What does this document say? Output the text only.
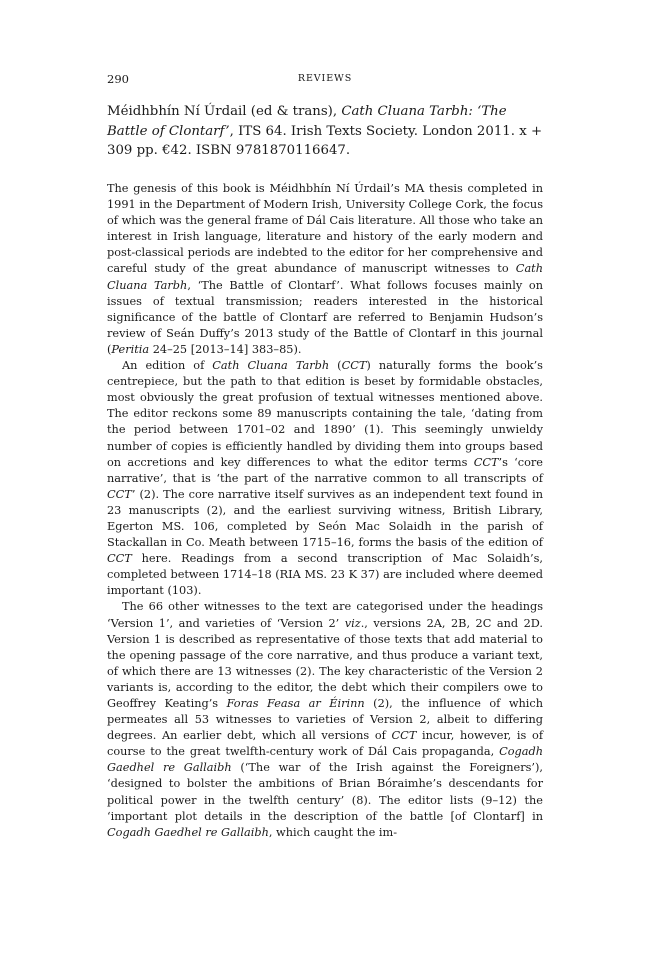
290	REVIEWS
Méidhbhín Ní Úrdail (ed & trans), Cath Cluana Tarbh: ‘The Battle of Clontarf’, ITS 64. Irish Texts Society. London 2011. x + 309 pp. €42. ISBN 9781870116647.

The genesis of this book is Méidhbhín Ní Úrdail’s MA thesis completed in 1991 in the Department of Modern Irish, University College Cork, the focus of which was the general frame of Dál Cais literature. All those who take an interest in Irish language, literature and history of the early modern and post-classical periods are indebted to the editor for her comprehensive and careful study of the great abundance of manuscript witnesses to Cath Cluana Tarbh, ‘The Battle of Clontarf’. What follows focuses mainly on issues of textual transmission; readers interested in the historical significance of the battle of Clontarf are referred to Benjamin Hudson’s review of Seán Duffy’s 2013 study of the Battle of Clontarf in this journal (Peritia 24–25 [2013–14] 383–85).

An edition of Cath Cluana Tarbh (CCT) naturally forms the book’s centrepiece, but the path to that edition is beset by formidable obstacles, most obviously the great profusion of textual witnesses mentioned above. The editor reckons some 89 manuscripts containing the tale, ‘dating from the period between 1701–02 and 1890’ (1). This seemingly unwieldy number of copies is efficiently handled by dividing them into groups based on accretions and key differences to what the editor terms CCT’s ‘core narrative’, that is ‘the part of the narrative common to all transcripts of CCT’ (2). The core narrative itself survives as an independent text found in 23 manuscripts (2), and the earliest surviving witness, British Library, Egerton MS. 106, completed by Seón Mac Solaidh in the parish of Stackallan in Co. Meath between 1715–16, forms the basis of the edition of CCT here. Readings from a second transcription of Mac Solaidh’s, completed between 1714–18 (RIA MS. 23 K 37) are included where deemed important (103).

The 66 other witnesses to the text are categorised under the headings ‘Version 1’, and varieties of ‘Version 2’ viz., versions 2A, 2B, 2C and 2D. Version 1 is described as representative of those texts that add material to the opening passage of the core narrative, and thus produce a variant text, of which there are 13 witnesses (2). The key characteristic of the Version 2 variants is, according to the editor, the debt which their compilers owe to Geoffrey Keating’s Foras Feasa ar Éirinn (2), the influence of which permeates all 53 witnesses to varieties of Version 2, albeit to differing degrees. An earlier debt, which all versions of CCT incur, however, is of course to the great twelfth-century work of Dál Cais propaganda, Cogadh Gaedhel re Gallaibh (‘The war of the Irish against the Foreigners’), ‘designed to bolster the ambitions of Brian Bóraimhe’s descendants for political power in the twelfth century’ (8). The editor lists (9–12) the ‘important plot details in the description of the battle [of Clontarf] in Cogadh Gaedhel re Gallaibh, which caught the im-
